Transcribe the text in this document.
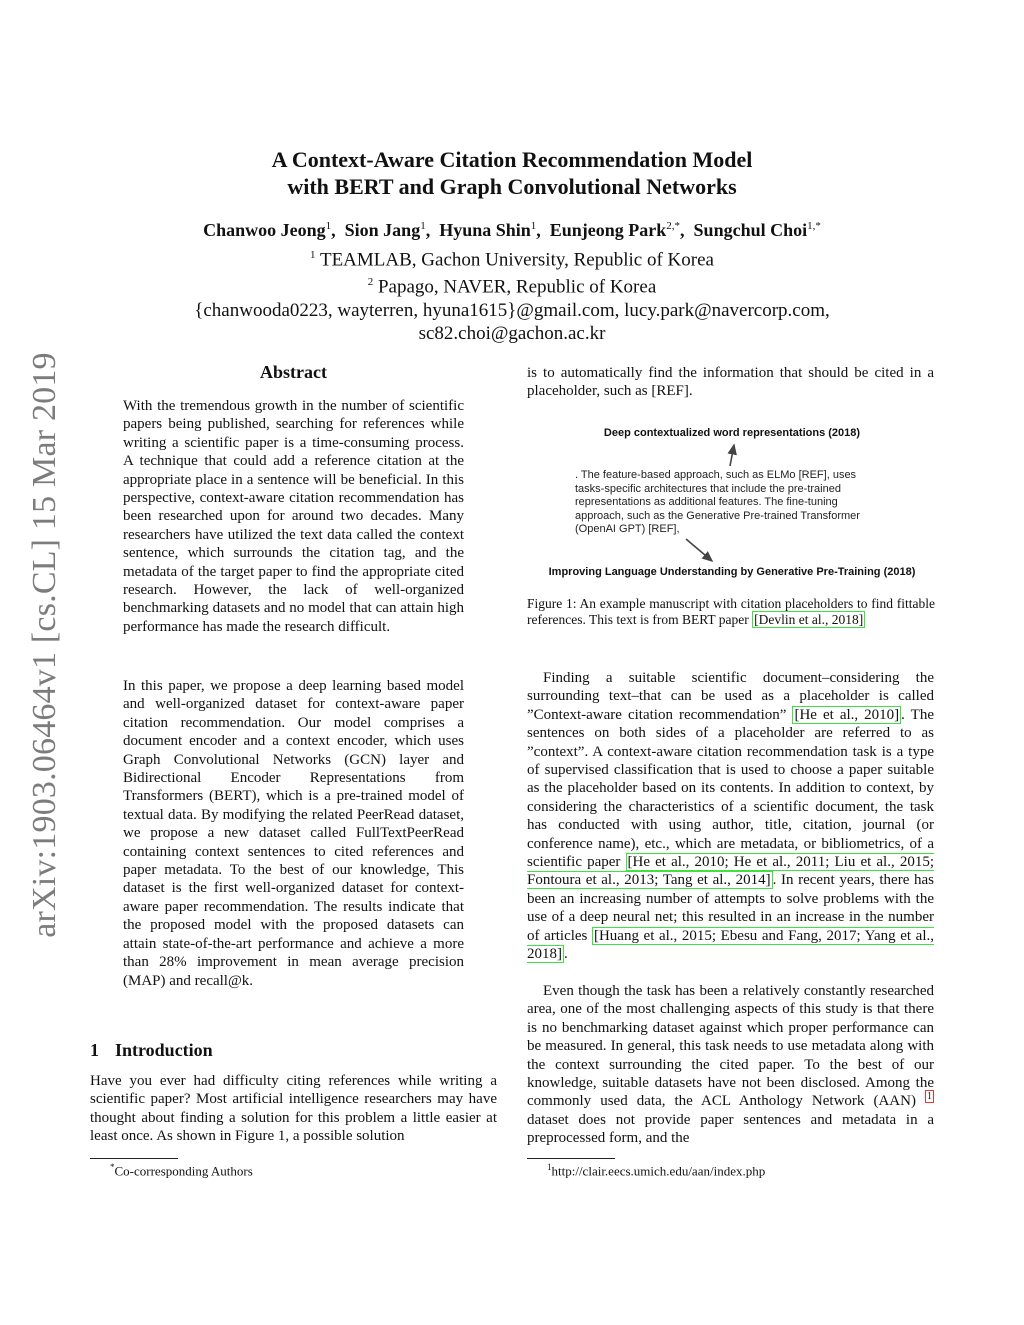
arXiv:1903.06464v1 [cs.CL] 15 Mar 2019
A Context-Aware Citation Recommendation Model
with BERT and Graph Convolutional Networks
Chanwoo Jeong$^1$,  Sion Jang$^1$,  Hyuna Shin$^1$,  Eunjeong Park$^{2,*}$,  Sungchul Choi$^{1,*}$
$^1$ TEAMLAB, Gachon University, Republic of Korea
$^2$ Papago, NAVER, Republic of Korea
{chanwooda0223, wayterren, hyuna1615}@gmail.com, lucy.park@navercorp.com,
sc82.choi@gachon.ac.kr
Abstract

With the tremendous growth in the number of scientific papers being published, searching for references while writing a scientific paper is a time-consuming process. A technique that could add a reference citation at the appropriate place in a sentence will be beneficial. In this perspective, context-aware citation recommendation has been researched upon for around two decades. Many researchers have utilized the text data called the context sentence, which surrounds the citation tag, and the metadata of the target paper to find the appropriate cited research. However, the lack of well-organized benchmarking datasets and no model that can attain high performance has made the research difficult.

In this paper, we propose a deep learning based model and well-organized dataset for context-aware paper citation recommendation. Our model comprises a document encoder and a context encoder, which uses Graph Convolutional Networks (GCN) layer and Bidirectional Encoder Representations from Transformers (BERT), which is a pre-trained model of textual data. By modifying the related PeerRead dataset, we propose a new dataset called FullTextPeerRead containing context sentences to cited references and paper metadata. To the best of our knowledge, This dataset is the first well-organized dataset for context-aware paper recommendation. The results indicate that the proposed model with the proposed datasets can attain state-of-the-art performance and achieve a more than 28% improvement in mean average precision (MAP) and recall@k.

1 Introduction

Have you ever had difficulty citing references while writing a scientific paper? Most artificial intelligence researchers may have thought about finding a solution for this problem a little easier at least once. As shown in Figure 1, a possible solution

*Co-corresponding Authors

is to automatically find the information that should be cited in a placeholder, such as [REF].

Deep contextualized word representations (2018)

. The feature-based approach, such as ELMo [REF], uses
tasks-specific architectures that include the pre-trained
representations as additional features. The fine-tuning
approach, such as the Generative Pre-trained Transformer
(OpenAI GPT) [REF],

Improving Language Understanding by Generative Pre-Training (2018)

Figure 1: An example manuscript with citation placeholders to find fittable references. This text is from BERT paper [Devlin et al., 2018]

Finding a suitable scientific document–considering the surrounding text–that can be used as a placeholder is called ”Context-aware citation recommendation” [He et al., 2010] . The sentences on both sides of a placeholder are referred to as ”context”. A context-aware citation recommendation task is a type of supervised classification that is used to choose a paper suitable as the placeholder based on its contents. In addition to context, by considering the characteristics of a scientific document, the task has conducted with using author, title, citation, journal (or conference name), etc., which are metadata, or bibliometrics, of a scientific paper [He et al., 2010; He et al., 2011; Liu et al., 2015; Fontoura et al., 2013; Tang et al., 2014] . In recent years, there has been an increasing number of attempts to solve problems with the use of a deep neural net; this resulted in an increase in the number of articles [Huang et al., 2015; Ebesu and Fang, 2017; Yang et al., 2018] .

Even though the task has been a relatively constantly researched area, one of the most challenging aspects of this study is that there is no benchmarking dataset against which proper performance can be measured. In general, this task needs to use metadata along with the context surrounding the cited paper. To the best of our knowledge, suitable datasets have not been disclosed. Among the commonly used data, the ACL Anthology Network (AAN) $^1$ dataset does not provide paper sentences and metadata in a preprocessed form, and the

$^1$http://clair.eecs.umich.edu/aan/index.php
